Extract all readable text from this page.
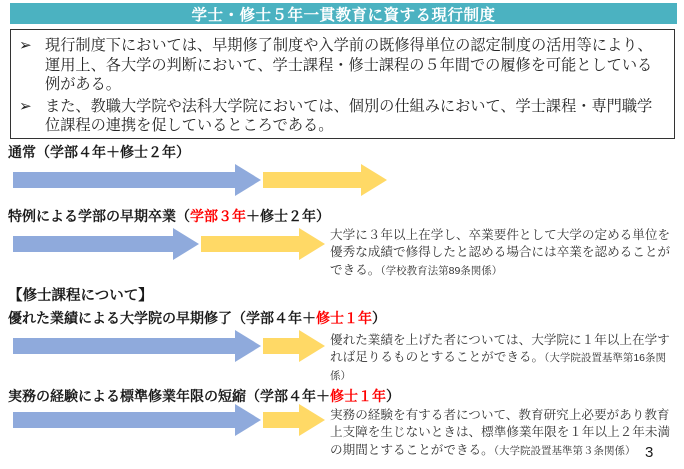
学士・修士５年一貫教育に資する現行制度
➢ 現行制度下においては、早期修了制度や入学前の既修得単位の認定制度の活用等により、運用上、各大学の判断において、学士課程・修士課程の５年間での履修を可能としている例がある。
➢ また、教職大学院や法科大学院においては、個別の仕組みにおいて、学士課程・専門職学位課程の連携を促しているところである。
通常（学部４年＋修士２年）
特例による学部の早期卒業（学部３年＋修士２年）
大学に３年以上在学し、卒業要件として大学の定める単位を優秀な成績で修得したと認める場合には卒業を認めることができる。（学校教育法第89条関係）
【修士課程について】
優れた業績による大学院の早期修了（学部４年＋修士１年）
優れた業績を上げた者については、大学院に１年以上在学すれば足りるものとすることができる。（大学院設置基準第16条関係）
実務の経験による標準修業年限の短縮（学部４年＋修士１年）
実務の経験を有する者について、教育研究上必要があり教育上支障を生じないときは、標準修業年限を１年以上２年未満の期間とすることができる。（大学院設置基準第３条関係） 3
